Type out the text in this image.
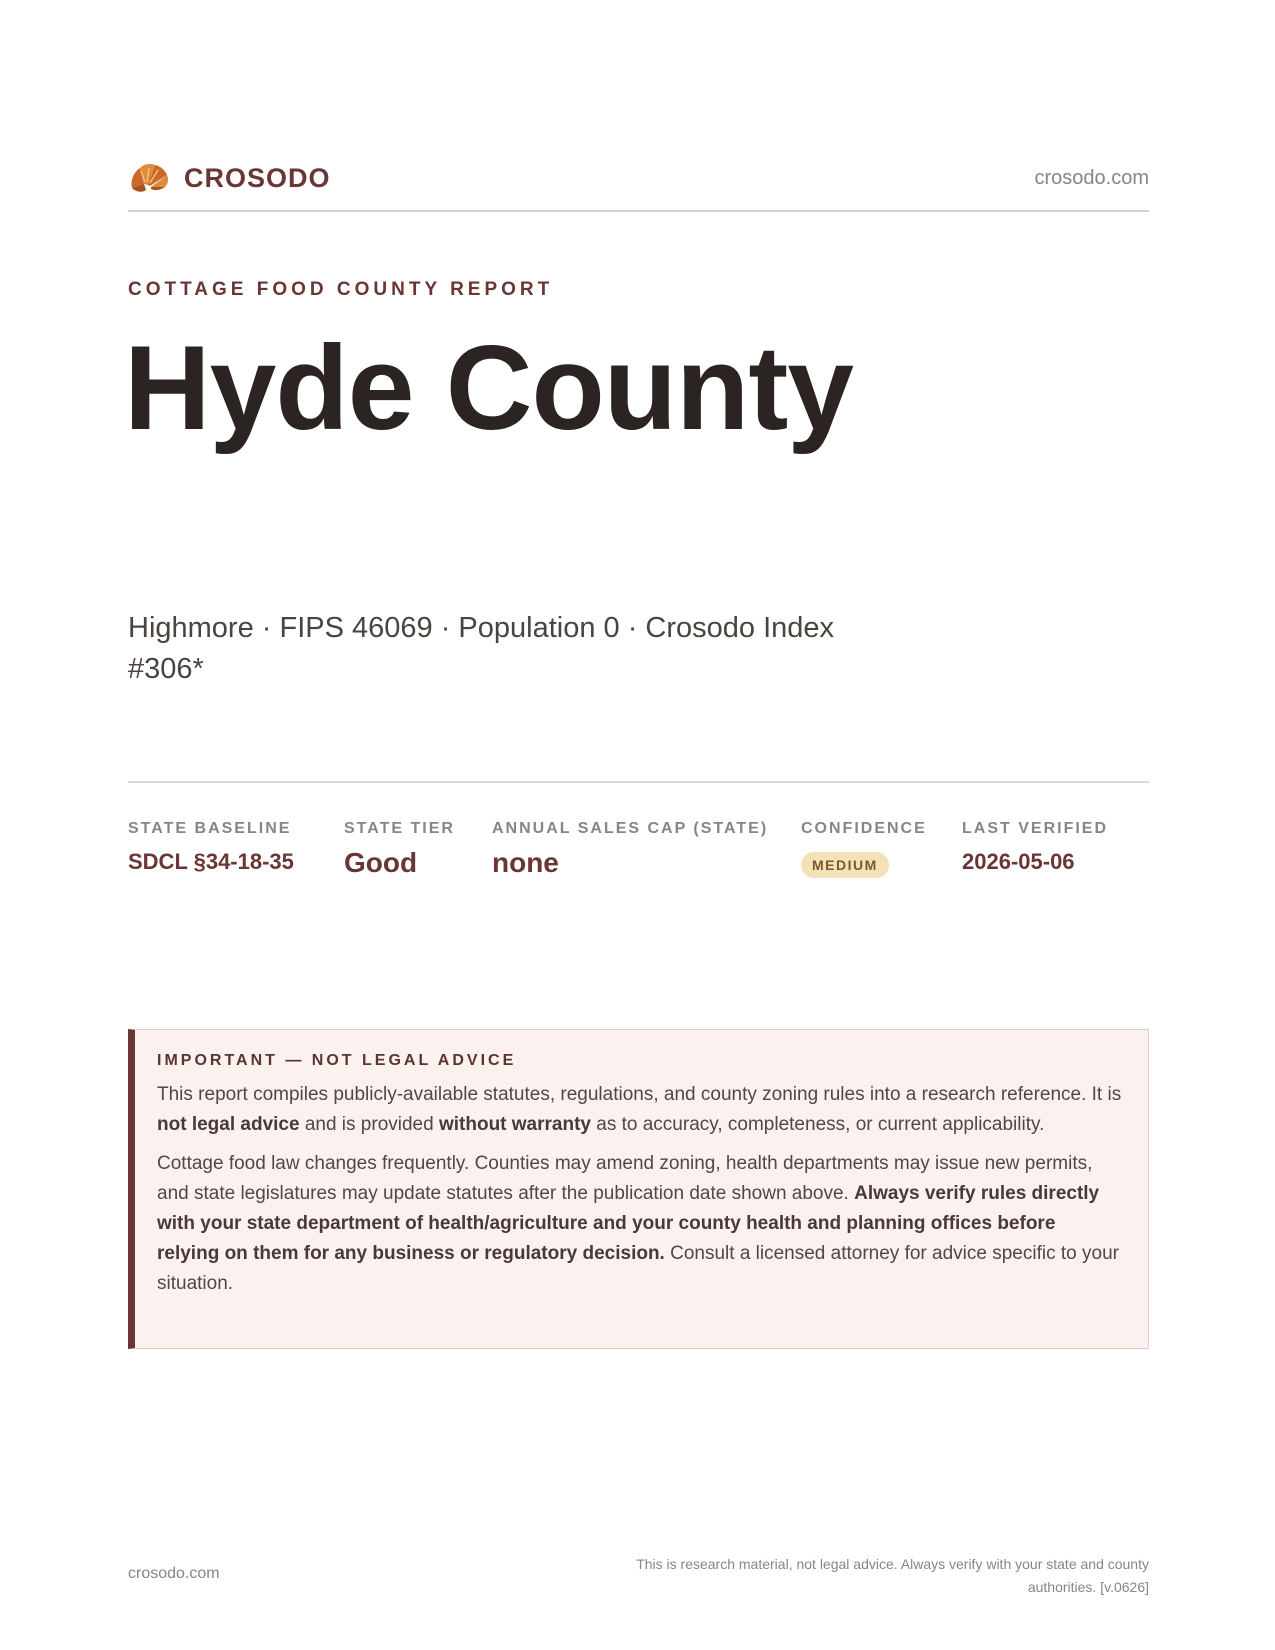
CROSODO	crosodo.com
COTTAGE FOOD COUNTY REPORT
Hyde County
Highmore · FIPS 46069 · Population 0 · Crosodo Index #306*
STATE BASELINE
SDCL §34-18-35
STATE TIER
Good
ANNUAL SALES CAP (STATE)
none
CONFIDENCE
MEDIUM
LAST VERIFIED
2026-05-06
IMPORTANT — NOT LEGAL ADVICE

This report compiles publicly-available statutes, regulations, and county zoning rules into a research reference. It is not legal advice and is provided without warranty as to accuracy, completeness, or current applicability.

Cottage food law changes frequently. Counties may amend zoning, health departments may issue new permits, and state legislatures may update statutes after the publication date shown above. Always verify rules directly with your state department of health/agriculture and your county health and planning offices before relying on them for any business or regulatory decision. Consult a licensed attorney for advice specific to your situation.

crosodo.com
This is research material, not legal advice. Always verify with your state and county authorities. [v.0626]
